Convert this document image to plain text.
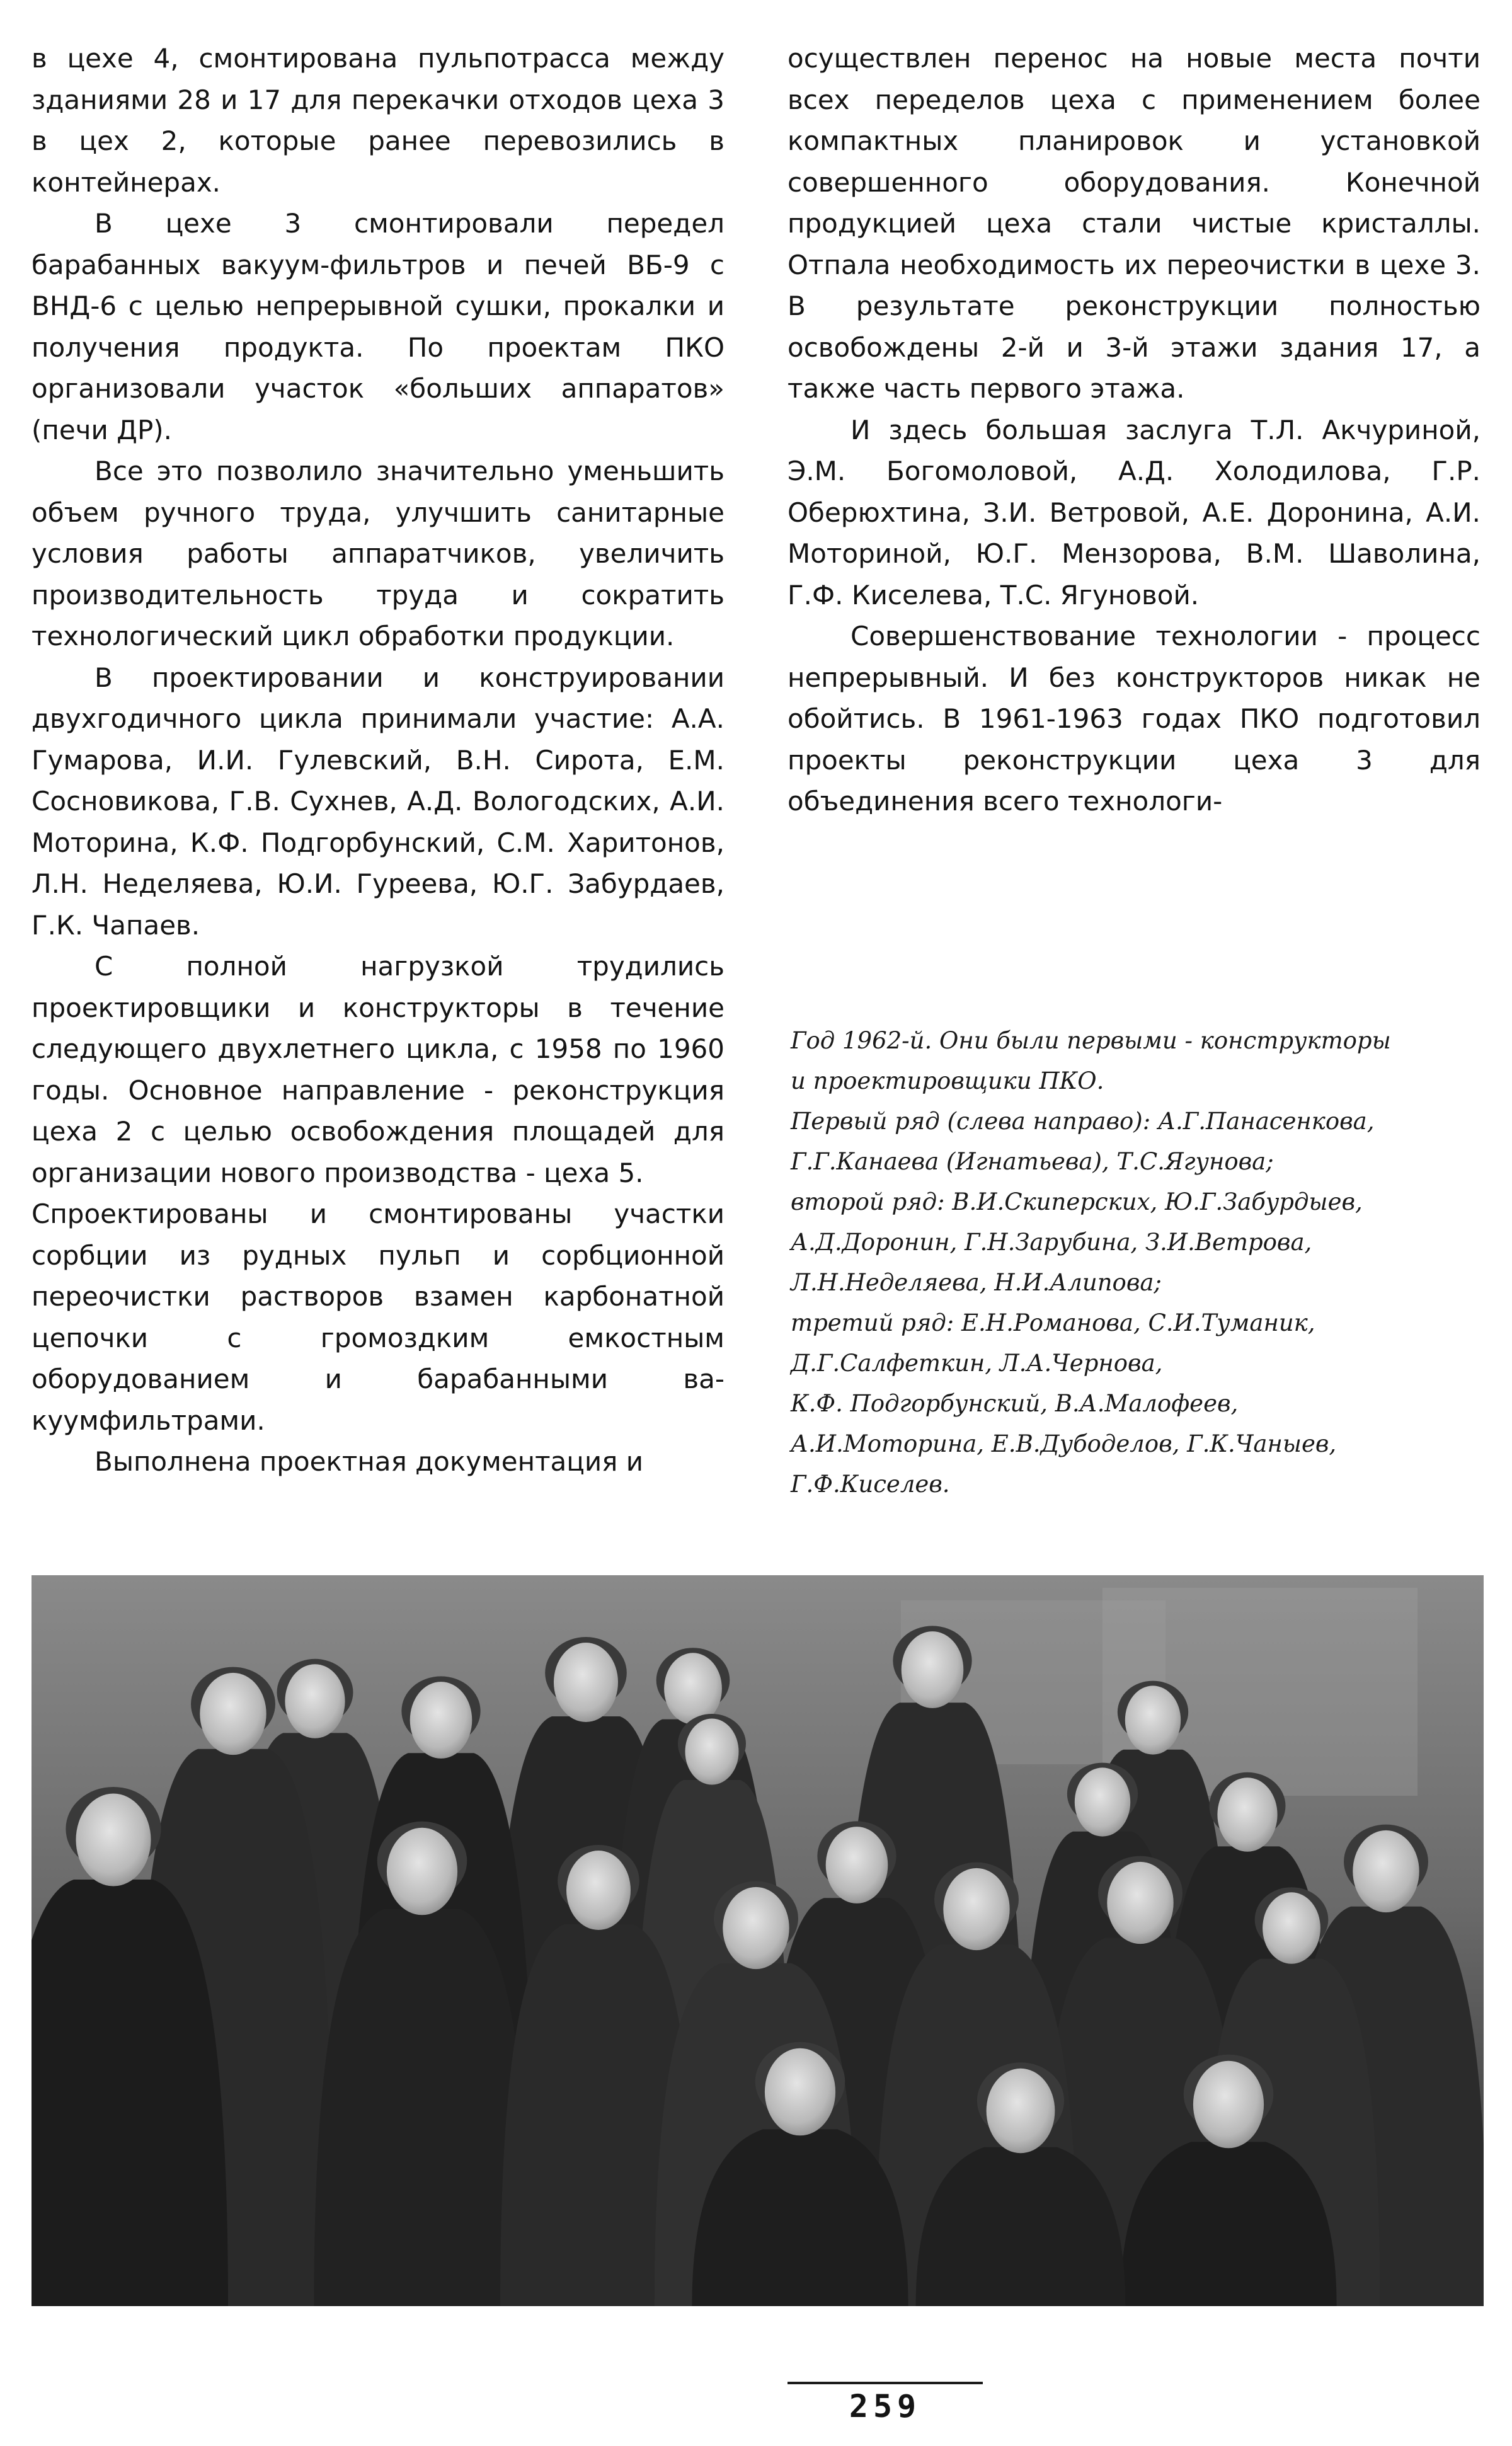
в цехе 4, смонтирована пульпотрасса между зданиями 28 и 17 для перекачки отходов цеха 3 в цех 2, которые ранее перевозились в контейнерах.

В цехе 3 смонтировали передел барабанных вакуум-фильтров и печей ВБ-9 с ВНД-6 с целью непрерывной сушки, прокалки и получения продукта. По проектам ПКО организовали участок «больших аппаратов» (печи ДР).

Все это позволило значительно уменьшить объем ручного труда, улучшить санитарные условия работы аппаратчиков, увеличить производительность труда и сократить технологический цикл обработки продукции.

В проектировании и конструировании двухгодичного цикла принимали участие: А.А. Гумарова, И.И. Гулевский, В.Н. Сирота, Е.М. Сосновикова, Г.В. Сухнев, А.Д. Вологодских, А.И. Моторина, К.Ф. Подгорбунский, С.М. Харитонов, Л.Н. Неделяева, Ю.И. Гуреева, Ю.Г. Забурдаев, Г.К. Чапаев.

С полной нагрузкой трудились проектировщики и конструкторы в течение следующего двухлетнего цикла, с 1958 по 1960 годы. Основное направление - реконструкция цеха 2 с целью освобождения площадей для организации нового производства - цеха 5.

Спроектированы и смонтированы участки сорбции из рудных пульп и сорбционной переочистки растворов взамен карбонатной цепочки с громоздким емкостным оборудованием и барабанными ва-куумфильтрами.

Выполнена проектная документация и

осуществлен перенос на новые места почти всех переделов цеха с применением более компактных планировок и установкой совершенного оборудования. Конечной продукцией цеха стали чистые кристаллы. Отпала необходимость их переочистки в цехе 3. В результате реконструкции полностью освобождены 2-й и 3-й этажи здания 17, а также часть первого этажа.

И здесь большая заслуга Т.Л. Акчуриной, Э.М. Богомоловой, А.Д. Холодилова, Г.Р. Оберюхтина, З.И. Ветровой, А.Е. Доронина, А.И. Моториной, Ю.Г. Мензорова, В.М. Шаволина, Г.Ф. Киселева, Т.С. Ягуновой.

Совершенствование технологии - процесс непрерывный. И без конструкторов никак не обойтись. В 1961-1963 годах ПКО подготовил проекты реконструкции цеха 3 для объединения всего технологи-

Год 1962-й. Они были первыми - конструкторы
и проектировщики ПКО.
Первый ряд (слева направо): А.Г.Панасенкова,
Г.Г.Канаева (Игнатьева), Т.С.Ягунова;
второй ряд: В.И.Скиперских, Ю.Г.Забурдыев,
А.Д.Доронин, Г.Н.Зарубина, З.И.Ветрова,
Л.Н.Неделяева, Н.И.Алипова;
третий ряд: Е.Н.Романова, С.И.Туманик,
Д.Г.Салфеткин, Л.А.Чернова,
К.Ф. Подгорбунский, В.А.Малофеев,
А.И.Моторина, Е.В.Дубоделов, Г.К.Чаныев,
Г.Ф.Киселев.
259
